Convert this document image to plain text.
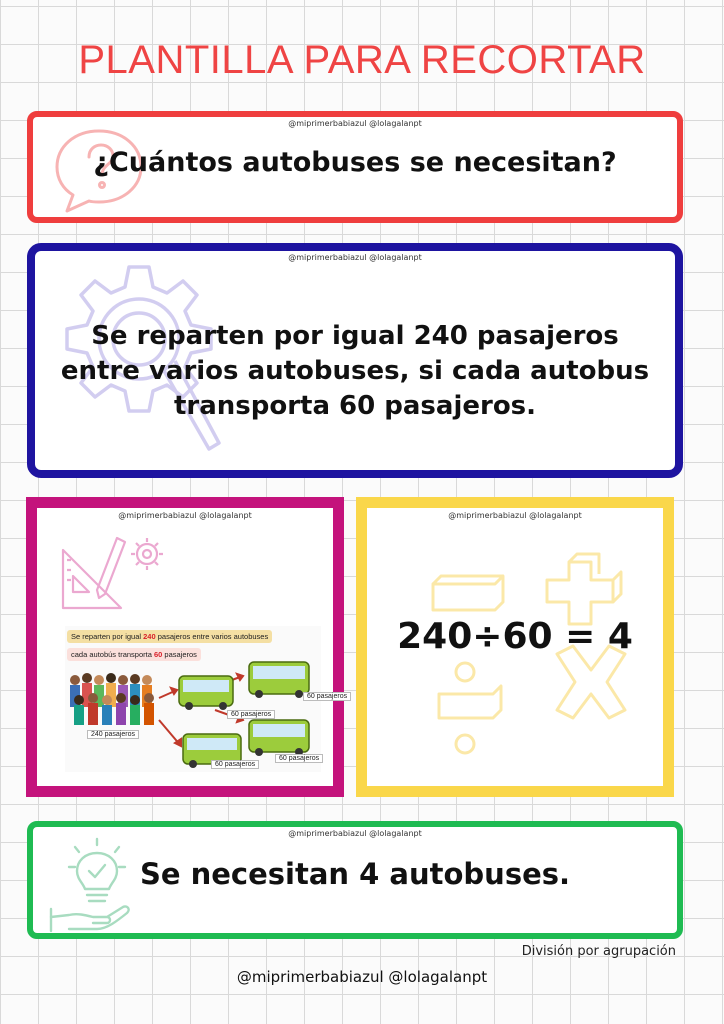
PLANTILLA PARA RECORTAR
@miprimerbabiazul @lolagalanpt
¿Cuántos autobuses se necesitan?
@miprimerbabiazul @lolagalanpt
Se reparten por igual 240 pasajeros
entre varios autobuses, si cada autobus
transporta 60 pasajeros.
@miprimerbabiazul @lolagalanpt
Se reparten por igual 240 pasajeros entre varios autobuses
cada autobús transporta 60 pasajeros
240 pasajeros
60 pasajeros
60 pasajeros
60 pasajeros
60 pasajeros
@miprimerbabiazul @lolagalanpt
240÷60 = 4
@miprimerbabiazul @lolagalanpt
Se necesitan 4 autobuses.
División por agrupación
@miprimerbabiazul @lolagalanpt
